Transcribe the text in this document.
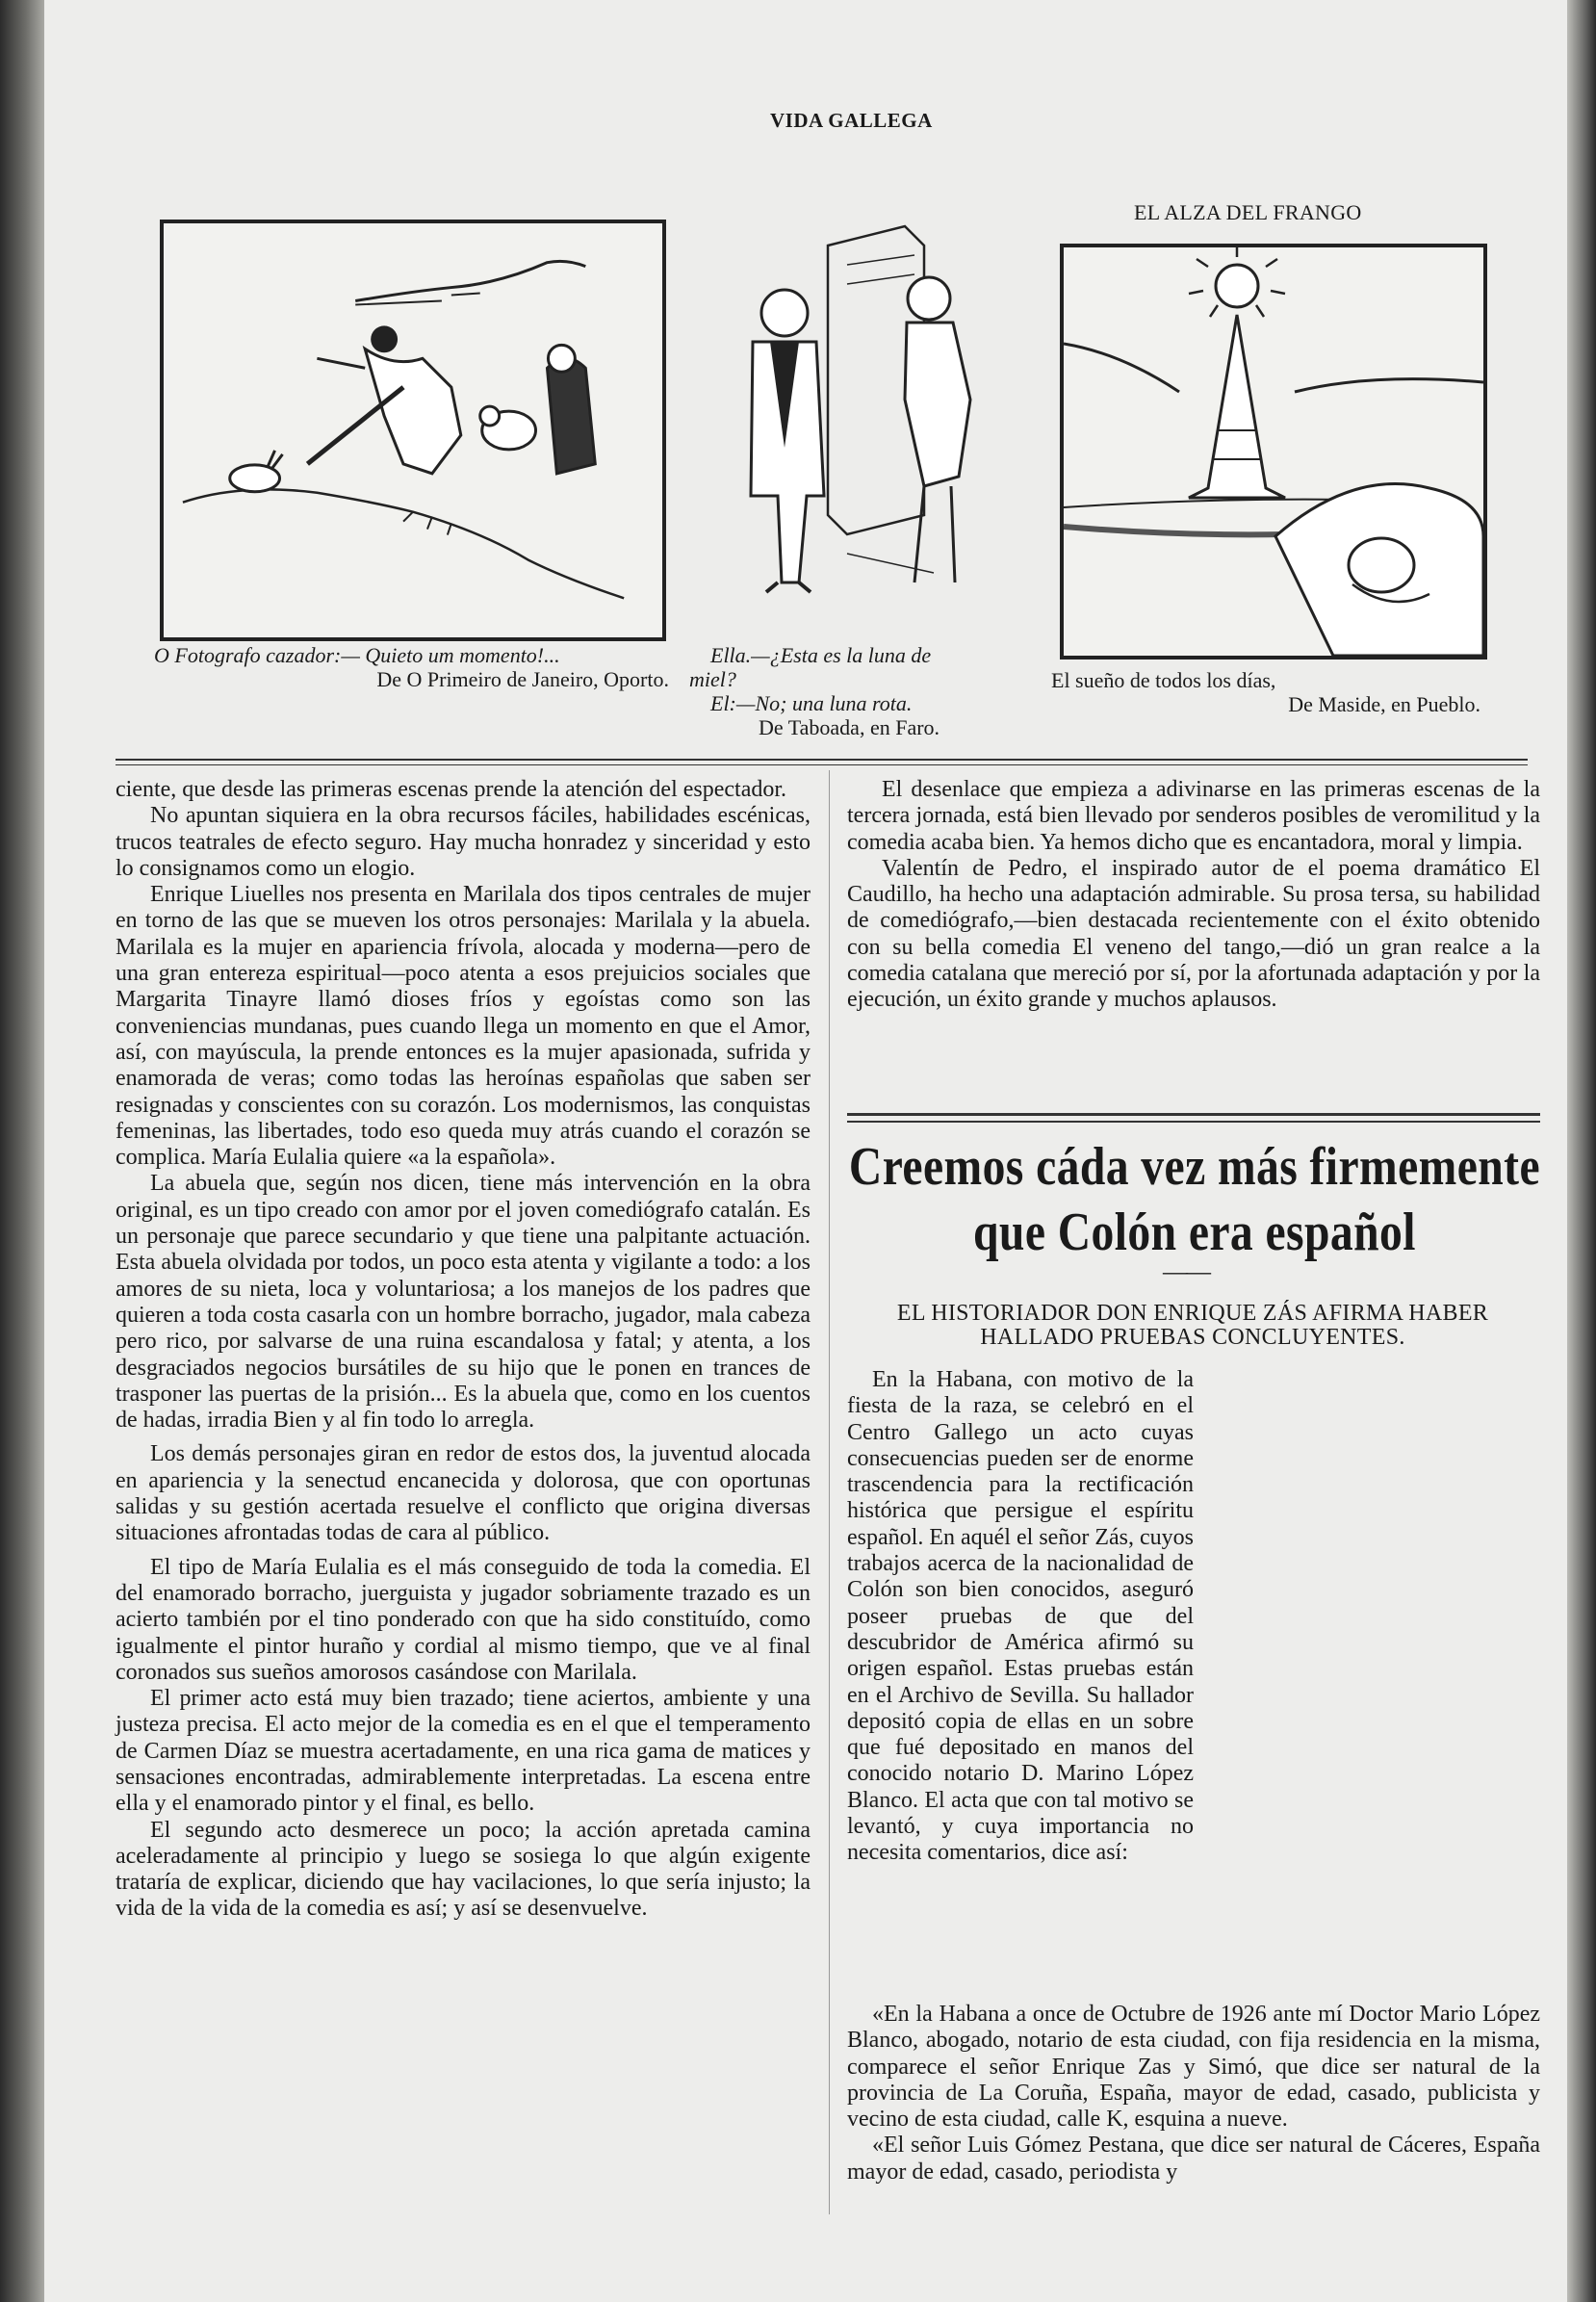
VIDA GALLEGA
EL ALZA DEL FRANGO
O Fotografo cazador:— Quieto um momento!...
De O Primeiro de Janeiro, Oporto.
Ella.—¿Esta es la luna de
miel?
El:—No; una luna rota.
De Taboada, en Faro.
El sueño de todos los días,
De Maside, en Pueblo.

ciente, que desde las primeras escenas prende la atención del espectador.

No apuntan siquiera en la obra recursos fáciles, habilidades escénicas, trucos teatrales de efecto seguro. Hay mucha honradez y sinceridad y esto lo consignamos como un elogio.

Enrique Liuelles nos presenta en Marilala dos tipos centrales de mujer en torno de las que se mueven los otros personajes: Marilala y la abuela. Marilala es la mujer en apariencia frívola, alocada y moderna—pero de una gran entereza espiritual—poco atenta a esos prejuicios sociales que Margarita Tinayre llamó dioses fríos y egoístas como son las conveniencias mundanas, pues cuando llega un momento en que el Amor, así, con mayúscula, la prende entonces es la mujer apasionada, sufrida y enamorada de veras; como todas las heroínas españolas que saben ser resignadas y conscientes con su corazón. Los modernismos, las conquistas femeninas, las libertades, todo eso queda muy atrás cuando el corazón se complica. María Eulalia quiere «a la española».

La abuela que, según nos dicen, tiene más intervención en la obra original, es un tipo creado con amor por el joven comediógrafo catalán. Es un personaje que parece secundario y que tiene una palpitante actuación. Esta abuela olvidada por todos, un poco esta atenta y vigilante a todo: a los amores de su nieta, loca y voluntariosa; a los manejos de los padres que quieren a toda costa casarla con un hombre borracho, jugador, mala cabeza pero rico, por salvarse de una ruina escandalosa y fatal; y atenta, a los desgraciados negocios bursátiles de su hijo que le ponen en trances de trasponer las puertas de la prisión... Es la abuela que, como en los cuentos de hadas, irradia Bien y al fin todo lo arregla.

Los demás personajes giran en redor de estos dos, la juventud alocada en apariencia y la senectud encanecida y dolorosa, que con oportunas salidas y su gestión acertada resuelve el conflicto que origina diversas situaciones afrontadas todas de cara al público.

El tipo de María Eulalia es el más conseguido de toda la comedia. El del enamorado borracho, juerguista y jugador sobriamente trazado es un acierto también por el tino ponderado con que ha sido constituído, como igualmente el pintor huraño y cordial al mismo tiempo, que ve al final coronados sus sueños amorosos casándose con Marilala.

El primer acto está muy bien trazado; tiene aciertos, ambiente y una justeza precisa. El acto mejor de la comedia es en el que el temperamento de Carmen Díaz se muestra acertadamente, en una rica gama de matices y sensaciones encontradas, admirablemente interpretadas. La escena entre ella y el enamorado pintor y el final, es bello.

El segundo acto desmerece un poco; la acción apretada camina aceleradamente al principio y luego se sosiega lo que algún exigente trataría de explicar, diciendo que hay vacilaciones, lo que sería injusto; la vida de la vida de la comedia es así; y así se desenvuelve.

El desenlace que empieza a adivinarse en las primeras escenas de la tercera jornada, está bien llevado por senderos posibles de veromilitud y la comedia acaba bien. Ya hemos dicho que es encantadora, moral y limpia.

Valentín de Pedro, el inspirado autor de el poema dramático El Caudillo, ha hecho una adaptación admirable. Su prosa tersa, su habilidad de comediógrafo,—bien destacada recientemente con el éxito obtenido con su bella comedia El veneno del tango,—dió un gran realce a la comedia catalana que mereció por sí, por la afortunada adaptación y por la ejecución, un éxito grande y muchos aplausos.

Creemos cáda vez más firmemente que Colón era español
——
EL HISTORIADOR DON ENRIQUE ZÁS AFIRMA HABER HALLADO PRUEBAS CONCLUYENTES.

En la Habana, con motivo de la fiesta de la raza, se celebró en el Centro Gallego un acto cuyas consecuencias pueden ser de enorme trascendencia para la rectificación histórica que persigue el espíritu español. En aquél el señor Zás, cuyos trabajos acerca de la nacionalidad de Colón son bien conocidos, aseguró poseer pruebas de que del descubridor de América afirmó su origen español. Estas pruebas están en el Archivo de Sevilla. Su hallador depositó copia de ellas en un sobre que fué depositado en manos del conocido notario D. Marino López Blanco. El acta que con tal motivo se levantó, y cuya importancia no necesita comentarios, dice así:

«En la Habana a once de Octubre de 1926 ante mí Doctor Mario López Blanco, abogado, notario de esta ciudad, con fija residencia en la misma, comparece el señor Enrique Zas y Simó, que dice ser natural de la provincia de La Coruña, España, mayor de edad, casado, publicista y vecino de esta ciudad, calle K, esquina a nueve.

«El señor Luis Gómez Pestana, que dice ser natural de Cáceres, España mayor de edad, casado, periodista y
